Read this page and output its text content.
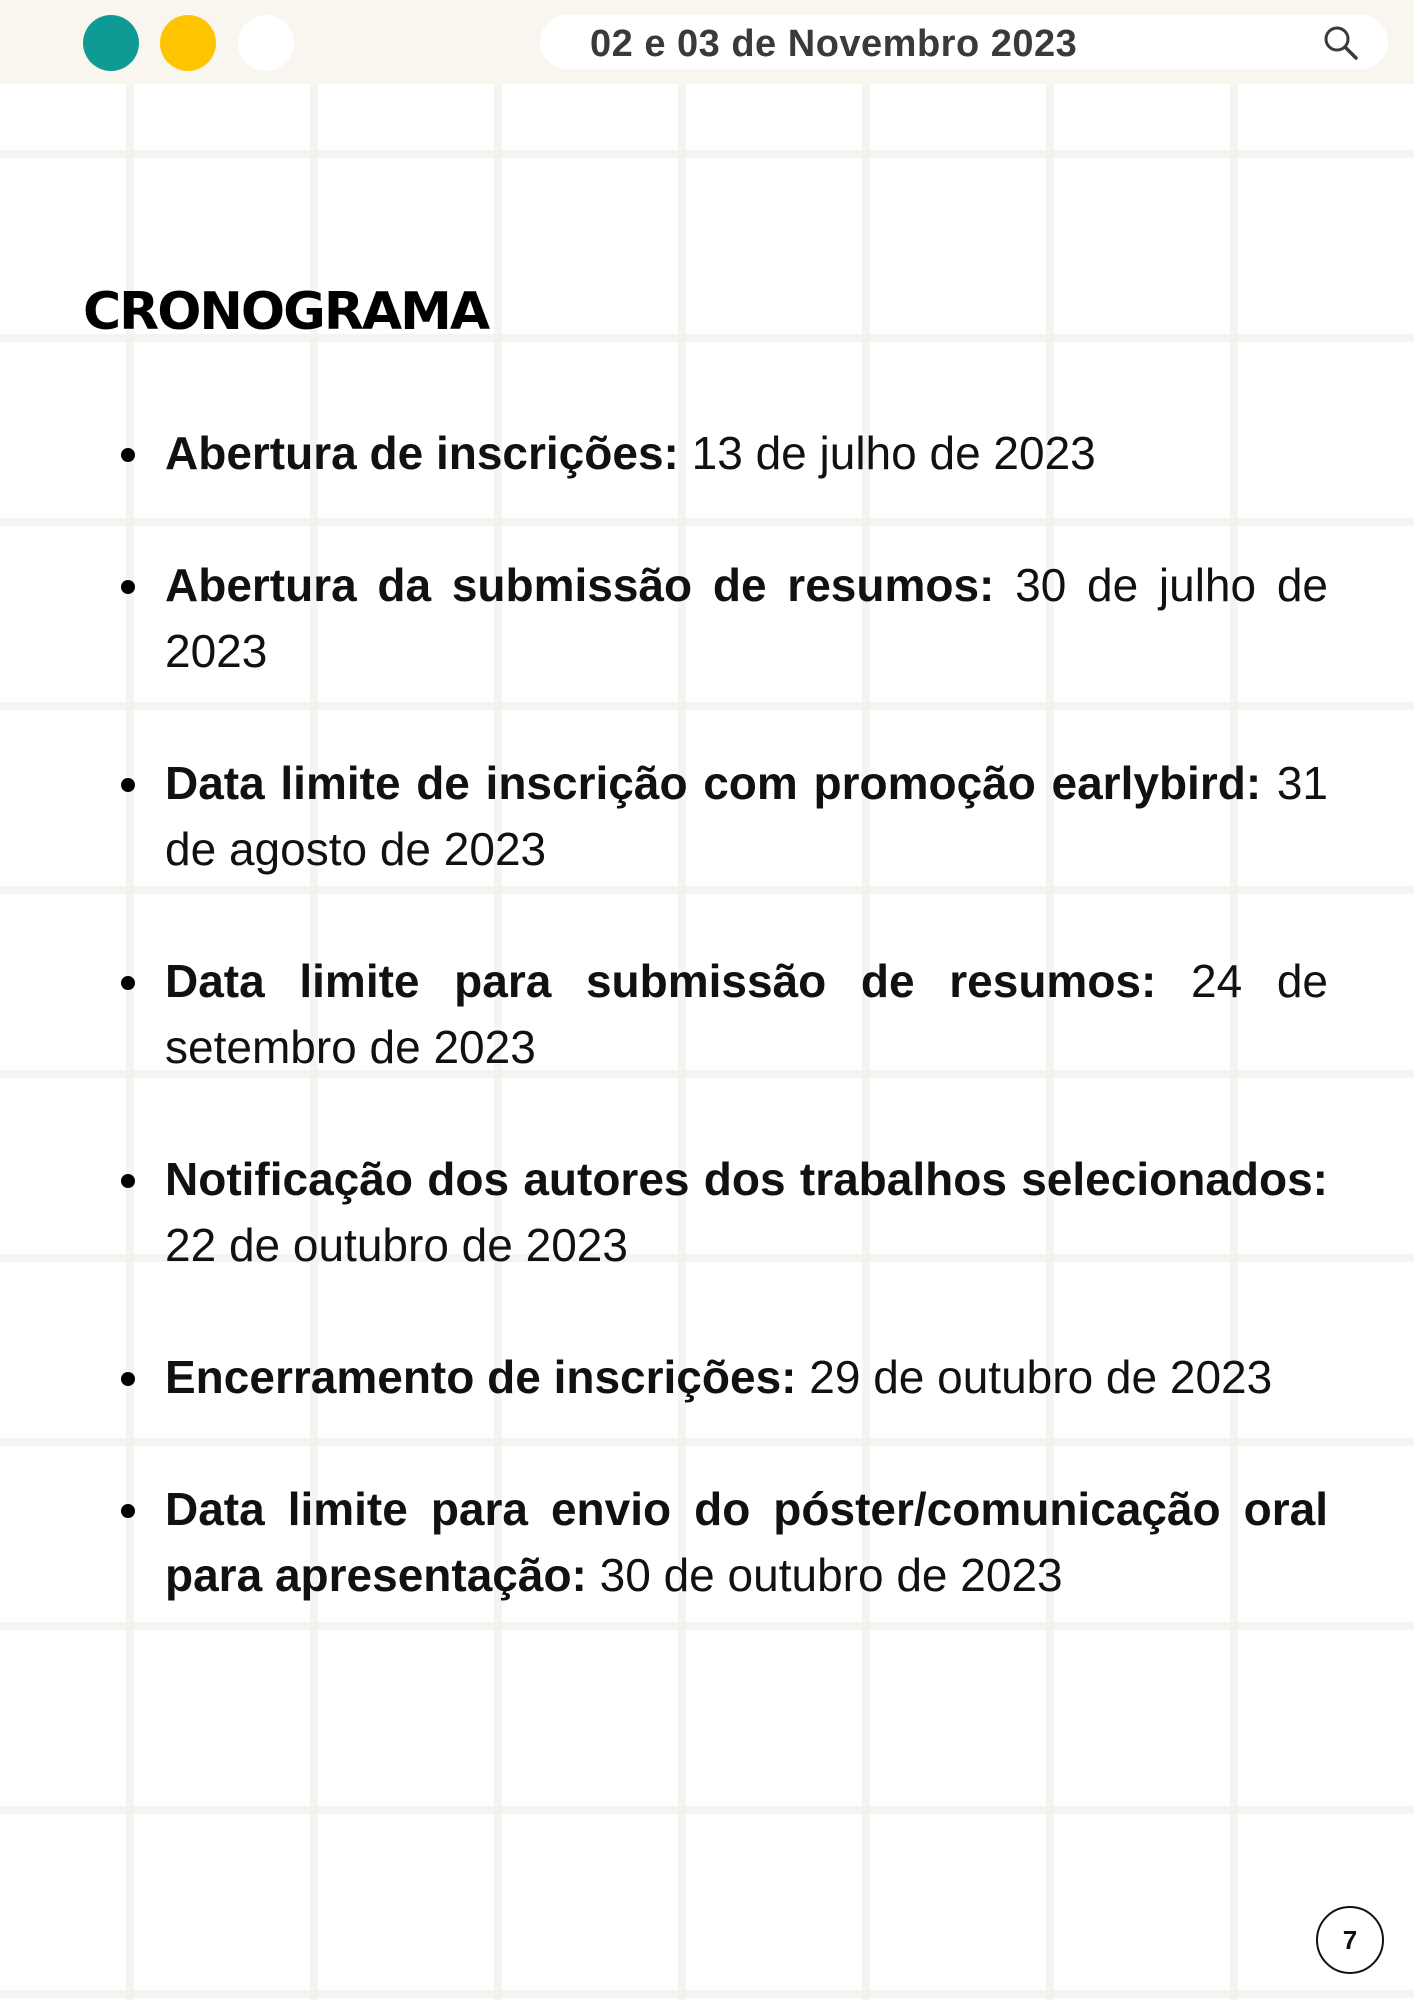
02 e 03 de Novembro 2023
CRONOGRAMA
Abertura de inscrições: 13 de julho de 2023
Abertura da submissão de resumos: 30 de julho de 2023
Data limite de inscrição com promoção earlybird: 31 de agosto de 2023
Data limite para submissão de resumos: 24 de setembro de 2023
Notificação dos autores dos trabalhos selecionados: 22 de outubro de 2023
Encerramento de inscrições: 29 de outubro de 2023
Data limite para envio do póster/comunicação oral para apresentação: 30 de outubro de 2023
7
